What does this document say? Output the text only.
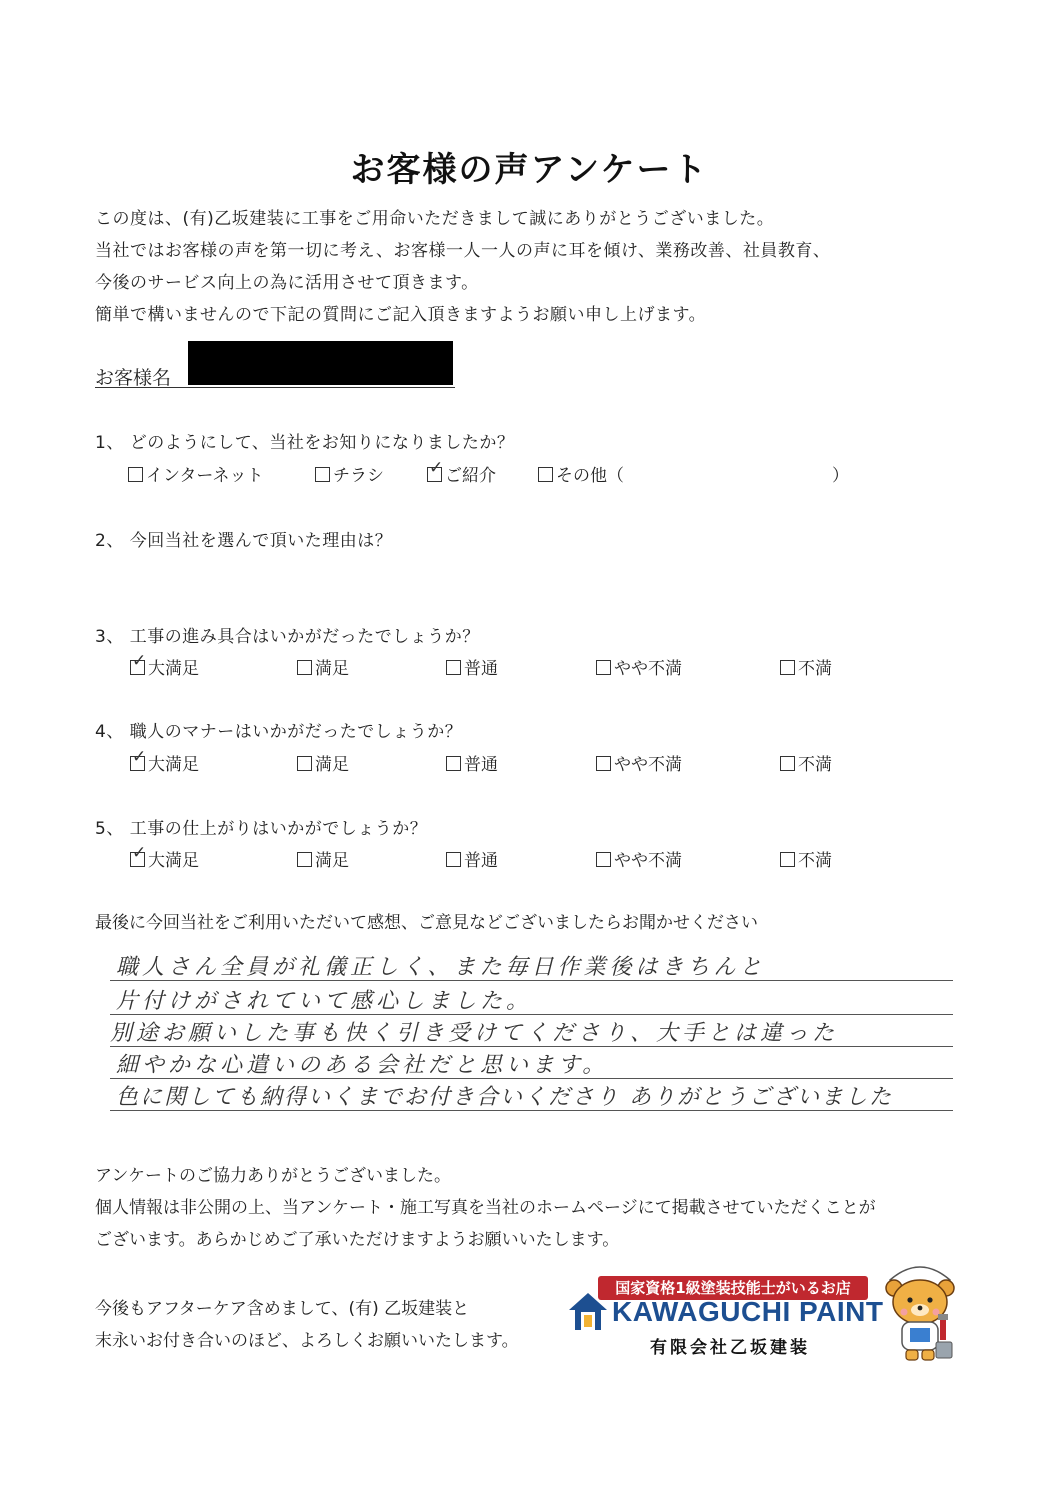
お客様の声アンケート
この度は、(有)乙坂建装に工事をご用命いただきまして誠にありがとうございました。
当社ではお客様の声を第一切に考え、お客様一人一人の声に耳を傾け、業務改善、社員教育、
今後のサービス向上の為に活用させて頂きます。
簡単で構いませんので下記の質問にご記入頂きますようお願い申し上げます。
お客様名
1、 どのようにして、当社をお知りになりましたか？
インターネット	チラシ	✓ ご紹介	その他（	）
2、 今回当社を選んで頂いた理由は？
3、 工事の進み具合はいかがだったでしょうか？
✓ 大満足	満足	普通	やや不満	不満
4、 職人のマナーはいかがだったでしょうか？
✓ 大満足	満足	普通	やや不満	不満
5、 工事の仕上がりはいかがでしょうか？
✓ 大満足	満足	普通	やや不満	不満
最後に今回当社をご利用いただいて感想、ご意見などございましたらお聞かせください
職人さん全員が礼儀正しく、また毎日作業後はきちんと
片付けがされていて感心しました。
別途お願いした事も快く引き受けてくださり、大手とは違った
細やかな心遣いのある会社だと思います。
色に関しても納得いくまでお付き合いくださり ありがとうございました
アンケートのご協力ありがとうございました。
個人情報は非公開の上、当アンケート・施工写真を当社のホームページにて掲載させていただくことが
ございます。あらかじめご了承いただけますようお願いいたします。
今後もアフターケア含めまして、(有) 乙坂建装と
末永いお付き合いのほど、よろしくお願いいたします。
国家資格1級塗装技能士がいるお店
KAWAGUCHI PAINT
有限会社乙坂建装
